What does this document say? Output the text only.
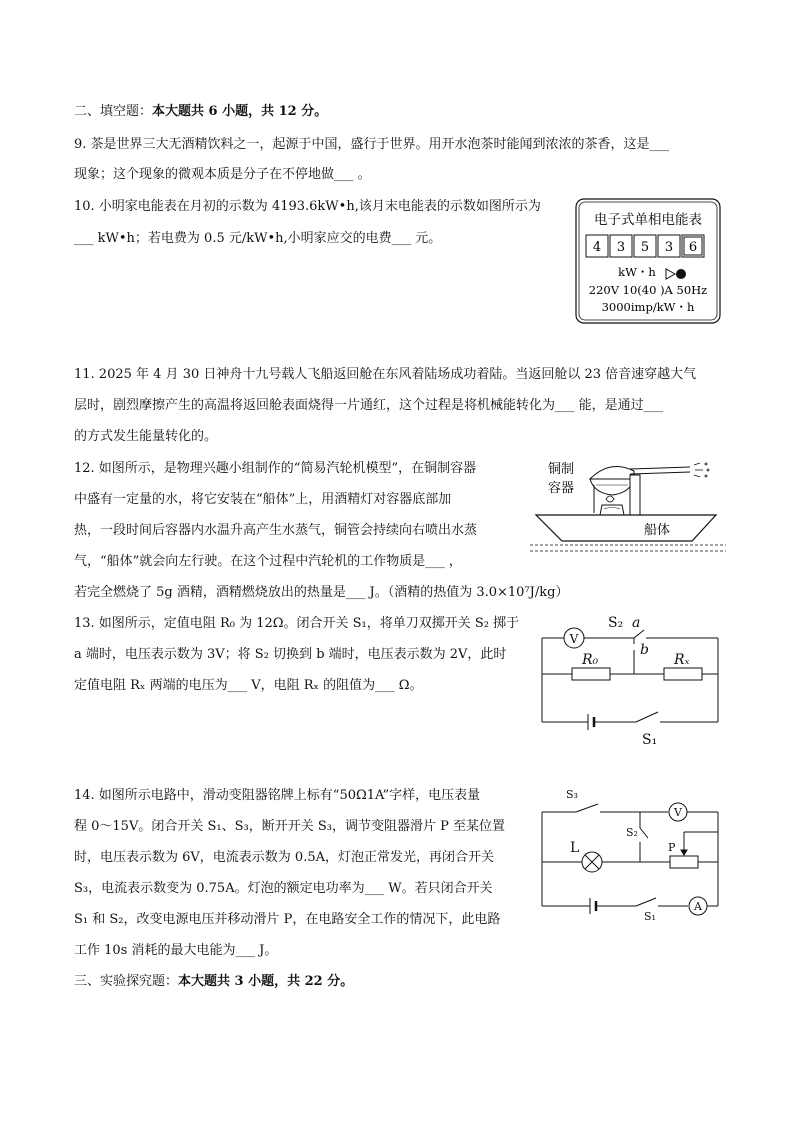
二、填空题：本大题共 6 小题，共 12 分。
9. 茶是世界三大无酒精饮料之一，起源于中国，盛行于世界。用开水泡茶时能闻到浓浓的茶香，这是___
现象；这个现象的微观本质是分子在不停地做___ 。
10. 小明家电能表在月初的示数为 4193.6kW•h,该月末电能表的示数如图所示为
___ kW•h；若电费为 0.5 元/kW•h,小明家应交的电费___ 元。
电子式单相电能表
4 3 5 3 6
kW・h
220V 10(40 )A 50Hz
3000imp/kW・h
11. 2025 年 4 月 30 日神舟十九号载人飞船返回舱在东风着陆场成功着陆。当返回舱以 23 倍音速穿越大气
层时，剧烈摩擦产生的高温将返回舱表面烧得一片通红，这个过程是将机械能转化为___ 能，是通过___
的方式发生能量转化的。
12. 如图所示，是物理兴趣小组制作的“简易汽轮机模型”，在铜制容器
中盛有一定量的水，将它安装在“船体”上，用酒精灯对容器底部加
热，一段时间后容器内水温升高产生水蒸气，铜管会持续向右喷出水蒸
气，“船体”就会向左行驶。在这个过程中汽轮机的工作物质是___ ，
若完全燃烧了 5g 酒精，酒精燃烧放出的热量是___ J。（酒精的热值为 3.0×10⁷J/kg）
铜制
容器
船体
13. 如图所示，定值电阻 R₀ 为 12Ω。闭合开关 S₁，将单刀双掷开关 S₂ 掷于
a 端时，电压表示数为 3V；将 S₂ 切换到 b 端时，电压表示数为 2V，此时
定值电阻 Rₓ 两端的电压为___ V，电阻 Rₓ 的阻值为___ Ω。
S₂ a
V
b
R₀	Rₓ
S₁
14. 如图所示电路中，滑动变阻器铭牌上标有“50Ω1A”字样，电压表量
程 0～15V。闭合开关 S₁、S₃，断开开关 S₃，调节变阻器滑片 P 至某位置
时，电压表示数为 6V，电流表示数为 0.5A，灯泡正常发光，再闭合开关
S₃，电流表示数变为 0.75A。灯泡的额定电功率为___ W。若只闭合开关
S₁ 和 S₂，改变电源电压并移动滑片 P，在电路安全工作的情况下，此电路
工作 10s 消耗的最大电能为___ J。
S₃
V
L
S₂
P
S₁
A
三、实验探究题：本大题共 3 小题，共 22 分。
